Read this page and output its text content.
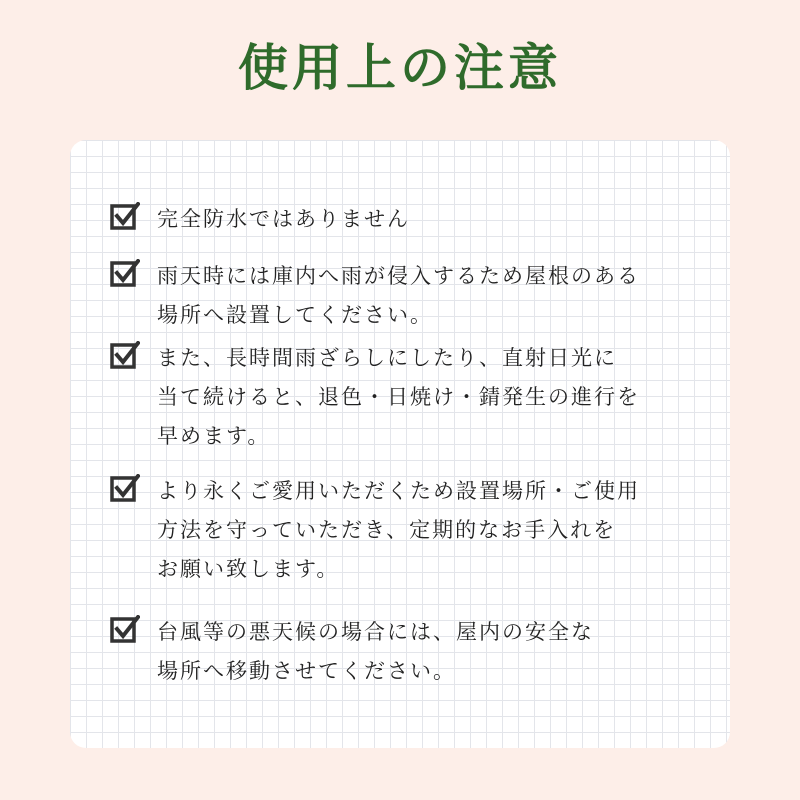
使用上の注意
完全防水ではありません
雨天時には庫内へ雨が侵入するため屋根のある
場所へ設置してください。
また、長時間雨ざらしにしたり、直射日光に
当て続けると、退色・日焼け・錆発生の進行を
早めます。
より永くご愛用いただくため設置場所・ご使用
方法を守っていただき、定期的なお手入れを
お願い致します。
台風等の悪天候の場合には、屋内の安全な
場所へ移動させてください。
